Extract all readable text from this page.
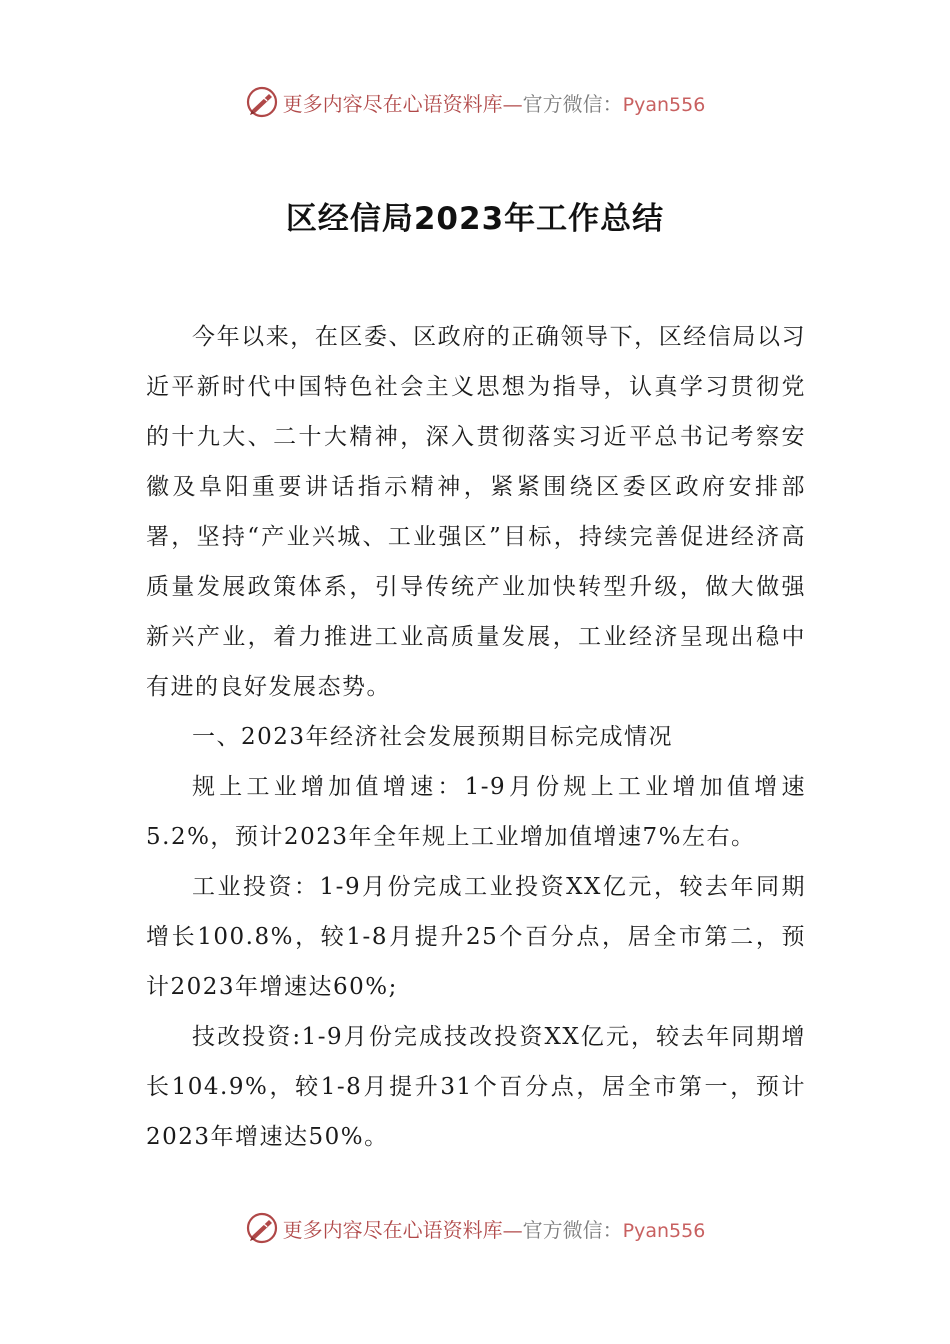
更多内容尽在心语资料库—官方微信：Pyan556
区经信局2023年工作总结

今年以来，在区委、区政府的正确领导下，区经信局以习近平新时代中国特色社会主义思想为指导，认真学习贯彻党的十九大、二十大精神，深入贯彻落实习近平总书记考察安徽及阜阳重要讲话指示精神，紧紧围绕区委区政府安排部署，坚持“产业兴城、工业强区”目标，持续完善促进经济高质量发展政策体系，引导传统产业加快转型升级，做大做强新兴产业，着力推进工业高质量发展，工业经济呈现出稳中有进的良好发展态势。

一、2023年经济社会发展预期目标完成情况

规上工业增加值增速：1-9月份规上工业增加值增速5.2%，预计2023年全年规上工业增加值增速7%左右。

工业投资：1-9月份完成工业投资XX亿元，较去年同期增长100.8%，较1-8月提升25个百分点，居全市第二，预计2023年增速达60%;

技改投资:1-9月份完成技改投资XX亿元，较去年同期增长104.9%，较1-8月提升31个百分点，居全市第一，预计2023年增速达50%。

更多内容尽在心语资料库—官方微信：Pyan556
